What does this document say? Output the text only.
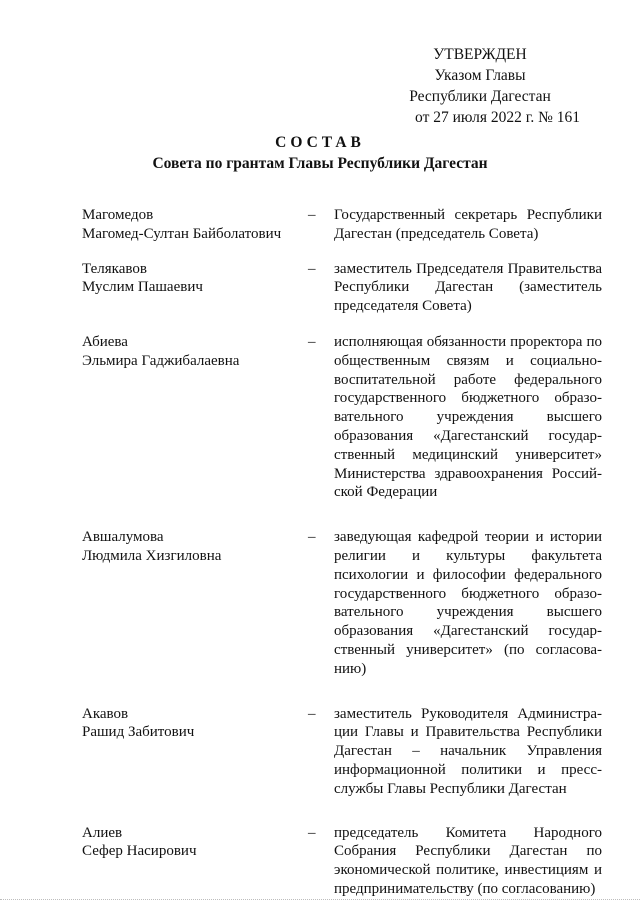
УТВЕРЖДЕН
Указом Главы
Республики Дагестан
от 27 июля 2022 г. № 161
СОСТАВ
Совета по грантам Главы Республики Дагестан
Магомедов
Магомед-Султан Байболатович
–	Государственный секретарь Республики Дагестан (председатель Совета)
Телякавов
Муслим Пашаевич
–	заместитель Председателя Правительства Республики Дагестан (заместитель председателя Совета)
Абиева
Эльмира Гаджибалаевна
–	исполняющая обязанности проректора по общественным связям и социально-воспитательной работе федерального государственного бюджетного образовательного учреждения высшего образования «Дагестанский государственный медицинский университет» Министерства здравоохранения Российской Федерации
Авшалумова
Людмила Хизгиловна
–	заведующая кафедрой теории и истории религии и культуры факультета психологии и философии федерального государственного бюджетного образовательного учреждения высшего образования «Дагестанский государственный университет» (по согласованию)
Акавов
Рашид Забитович
–	заместитель Руководителя Администрации Главы и Правительства Республики Дагестан – начальник Управления информационной политики и пресс-службы Главы Республики Дагестан
Алиев
Сефер Насирович
–	председатель Комитета Народного Собрания Республики Дагестан по экономической политике, инвестициям и предпринимательству (по согласованию)
